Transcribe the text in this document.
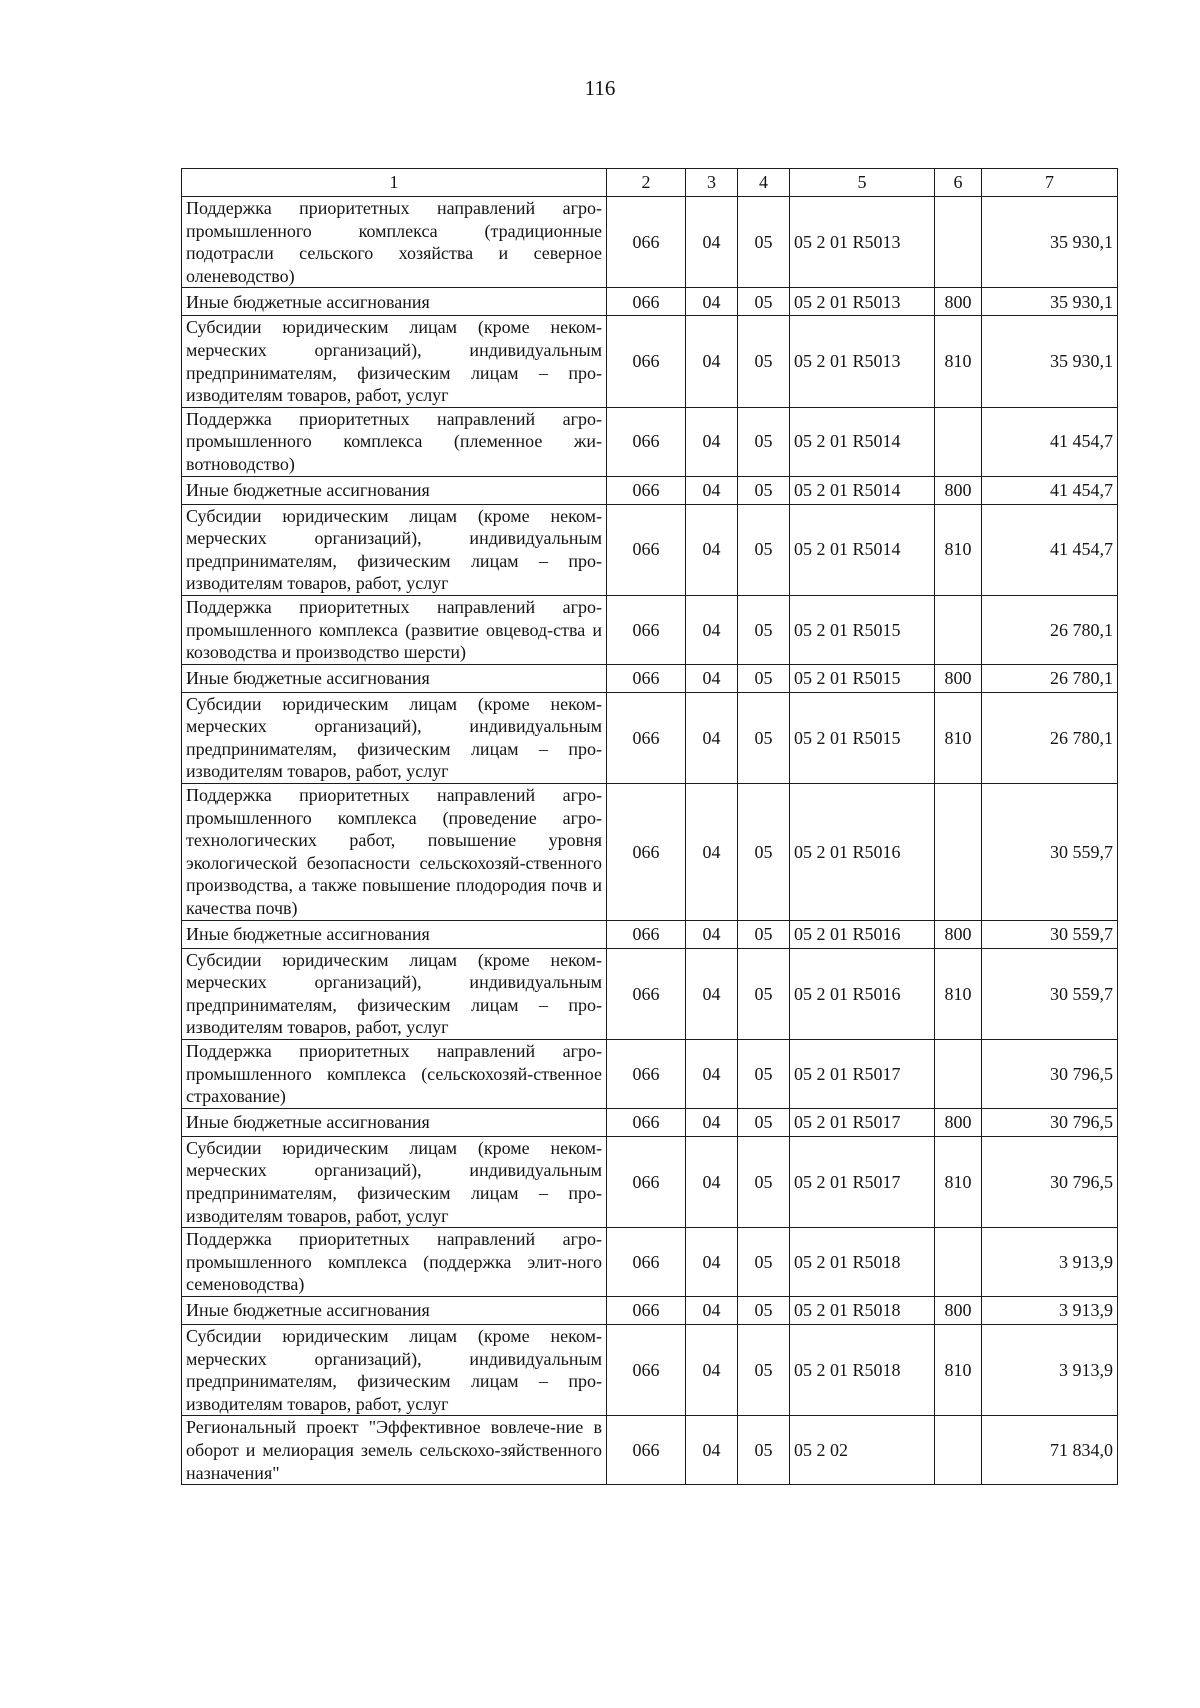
116
1	2	3	4	5	6	7
Поддержка приоритетных направлений агро-промышленного комплекса (традиционные подотрасли сельского хозяйства и северное оленеводство)	066	04	05	05 2 01 R5013		35 930,1
Иные бюджетные ассигнования	066	04	05	05 2 01 R5013	800	35 930,1
Субсидии юридическим лицам (кроме неком-мерческих организаций), индивидуальным предпринимателям, физическим лицам – про-изводителям товаров, работ, услуг	066	04	05	05 2 01 R5013	810	35 930,1
Поддержка приоритетных направлений агро-промышленного комплекса (племенное жи-вотноводство)	066	04	05	05 2 01 R5014		41 454,7
Иные бюджетные ассигнования	066	04	05	05 2 01 R5014	800	41 454,7
Субсидии юридическим лицам (кроме неком-мерческих организаций), индивидуальным предпринимателям, физическим лицам – про-изводителям товаров, работ, услуг	066	04	05	05 2 01 R5014	810	41 454,7
Поддержка приоритетных направлений агро-промышленного комплекса (развитие овцевод-ства и козоводства и производство шерсти)	066	04	05	05 2 01 R5015		26 780,1
Иные бюджетные ассигнования	066	04	05	05 2 01 R5015	800	26 780,1
Субсидии юридическим лицам (кроме неком-мерческих организаций), индивидуальным предпринимателям, физическим лицам – про-изводителям товаров, работ, услуг	066	04	05	05 2 01 R5015	810	26 780,1
Поддержка приоритетных направлений агро-промышленного комплекса (проведение агро-технологических работ, повышение уровня экологической безопасности сельскохозяй-ственного производства, а также повышение плодородия почв и качества почв)	066	04	05	05 2 01 R5016		30 559,7
Иные бюджетные ассигнования	066	04	05	05 2 01 R5016	800	30 559,7
Субсидии юридическим лицам (кроме неком-мерческих организаций), индивидуальным предпринимателям, физическим лицам – про-изводителям товаров, работ, услуг	066	04	05	05 2 01 R5016	810	30 559,7
Поддержка приоритетных направлений агро-промышленного комплекса (сельскохозяй-ственное страхование)	066	04	05	05 2 01 R5017		30 796,5
Иные бюджетные ассигнования	066	04	05	05 2 01 R5017	800	30 796,5
Субсидии юридическим лицам (кроме неком-мерческих организаций), индивидуальным предпринимателям, физическим лицам – про-изводителям товаров, работ, услуг	066	04	05	05 2 01 R5017	810	30 796,5
Поддержка приоритетных направлений агро-промышленного комплекса (поддержка элит-ного семеноводства)	066	04	05	05 2 01 R5018		3 913,9
Иные бюджетные ассигнования	066	04	05	05 2 01 R5018	800	3 913,9
Субсидии юридическим лицам (кроме неком-мерческих организаций), индивидуальным предпринимателям, физическим лицам – про-изводителям товаров, работ, услуг	066	04	05	05 2 01 R5018	810	3 913,9
Региональный проект "Эффективное вовлече-ние в оборот и мелиорация земель сельскохо-зяйственного назначения"	066	04	05	05 2 02		71 834,0
